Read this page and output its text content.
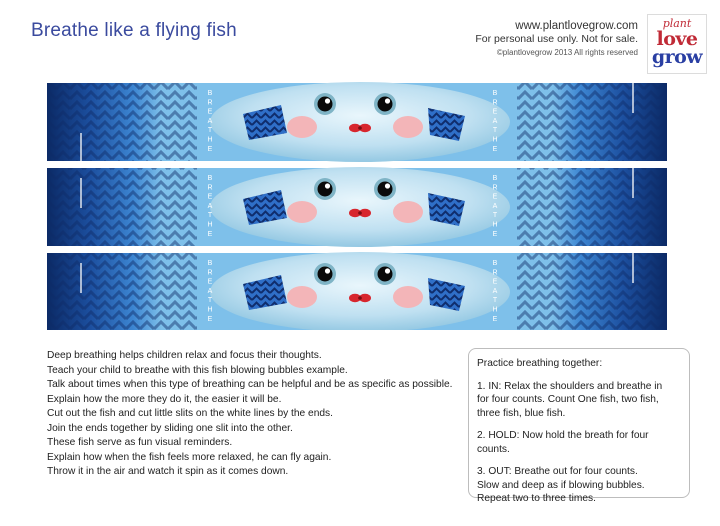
Breathe like a flying fish	www.plantlovegrow.com
For personal use only. Not for sale.
©plantlovegrow 2013 All rights reserved
plant
love
grow
B
R
E
A
T
H
E
B
R
E
A
T
H
E
B
R
E
A
T
H
E
B
R
E
A
T
H
E
B
R
E
A
T
H
E
B
R
E
A
T
H
E
Deep breathing helps children relax and focus their thoughts.
Teach your child to breathe with this fish blowing bubbles example.
Talk about times when this type of breathing can be helpful and be as specific as possible.
Explain how the more they do it, the easier it will be.
Cut out the fish and cut little slits on the white lines by the ends.
Join the ends together by sliding one slit into the other.
These fish serve as fun visual reminders.
Explain how when the fish feels more relaxed, he can fly again.
Throw it in the air and watch it spin as it comes down.

Practice breathing together:

1. IN: Relax the shoulders and breathe in
for four counts. Count One fish, two fish,
three fish, blue fish.

2. HOLD: Now hold the breath for four counts.

3. OUT: Breathe out for four counts.
Slow and deep as if blowing bubbles.
Repeat two to three times.
